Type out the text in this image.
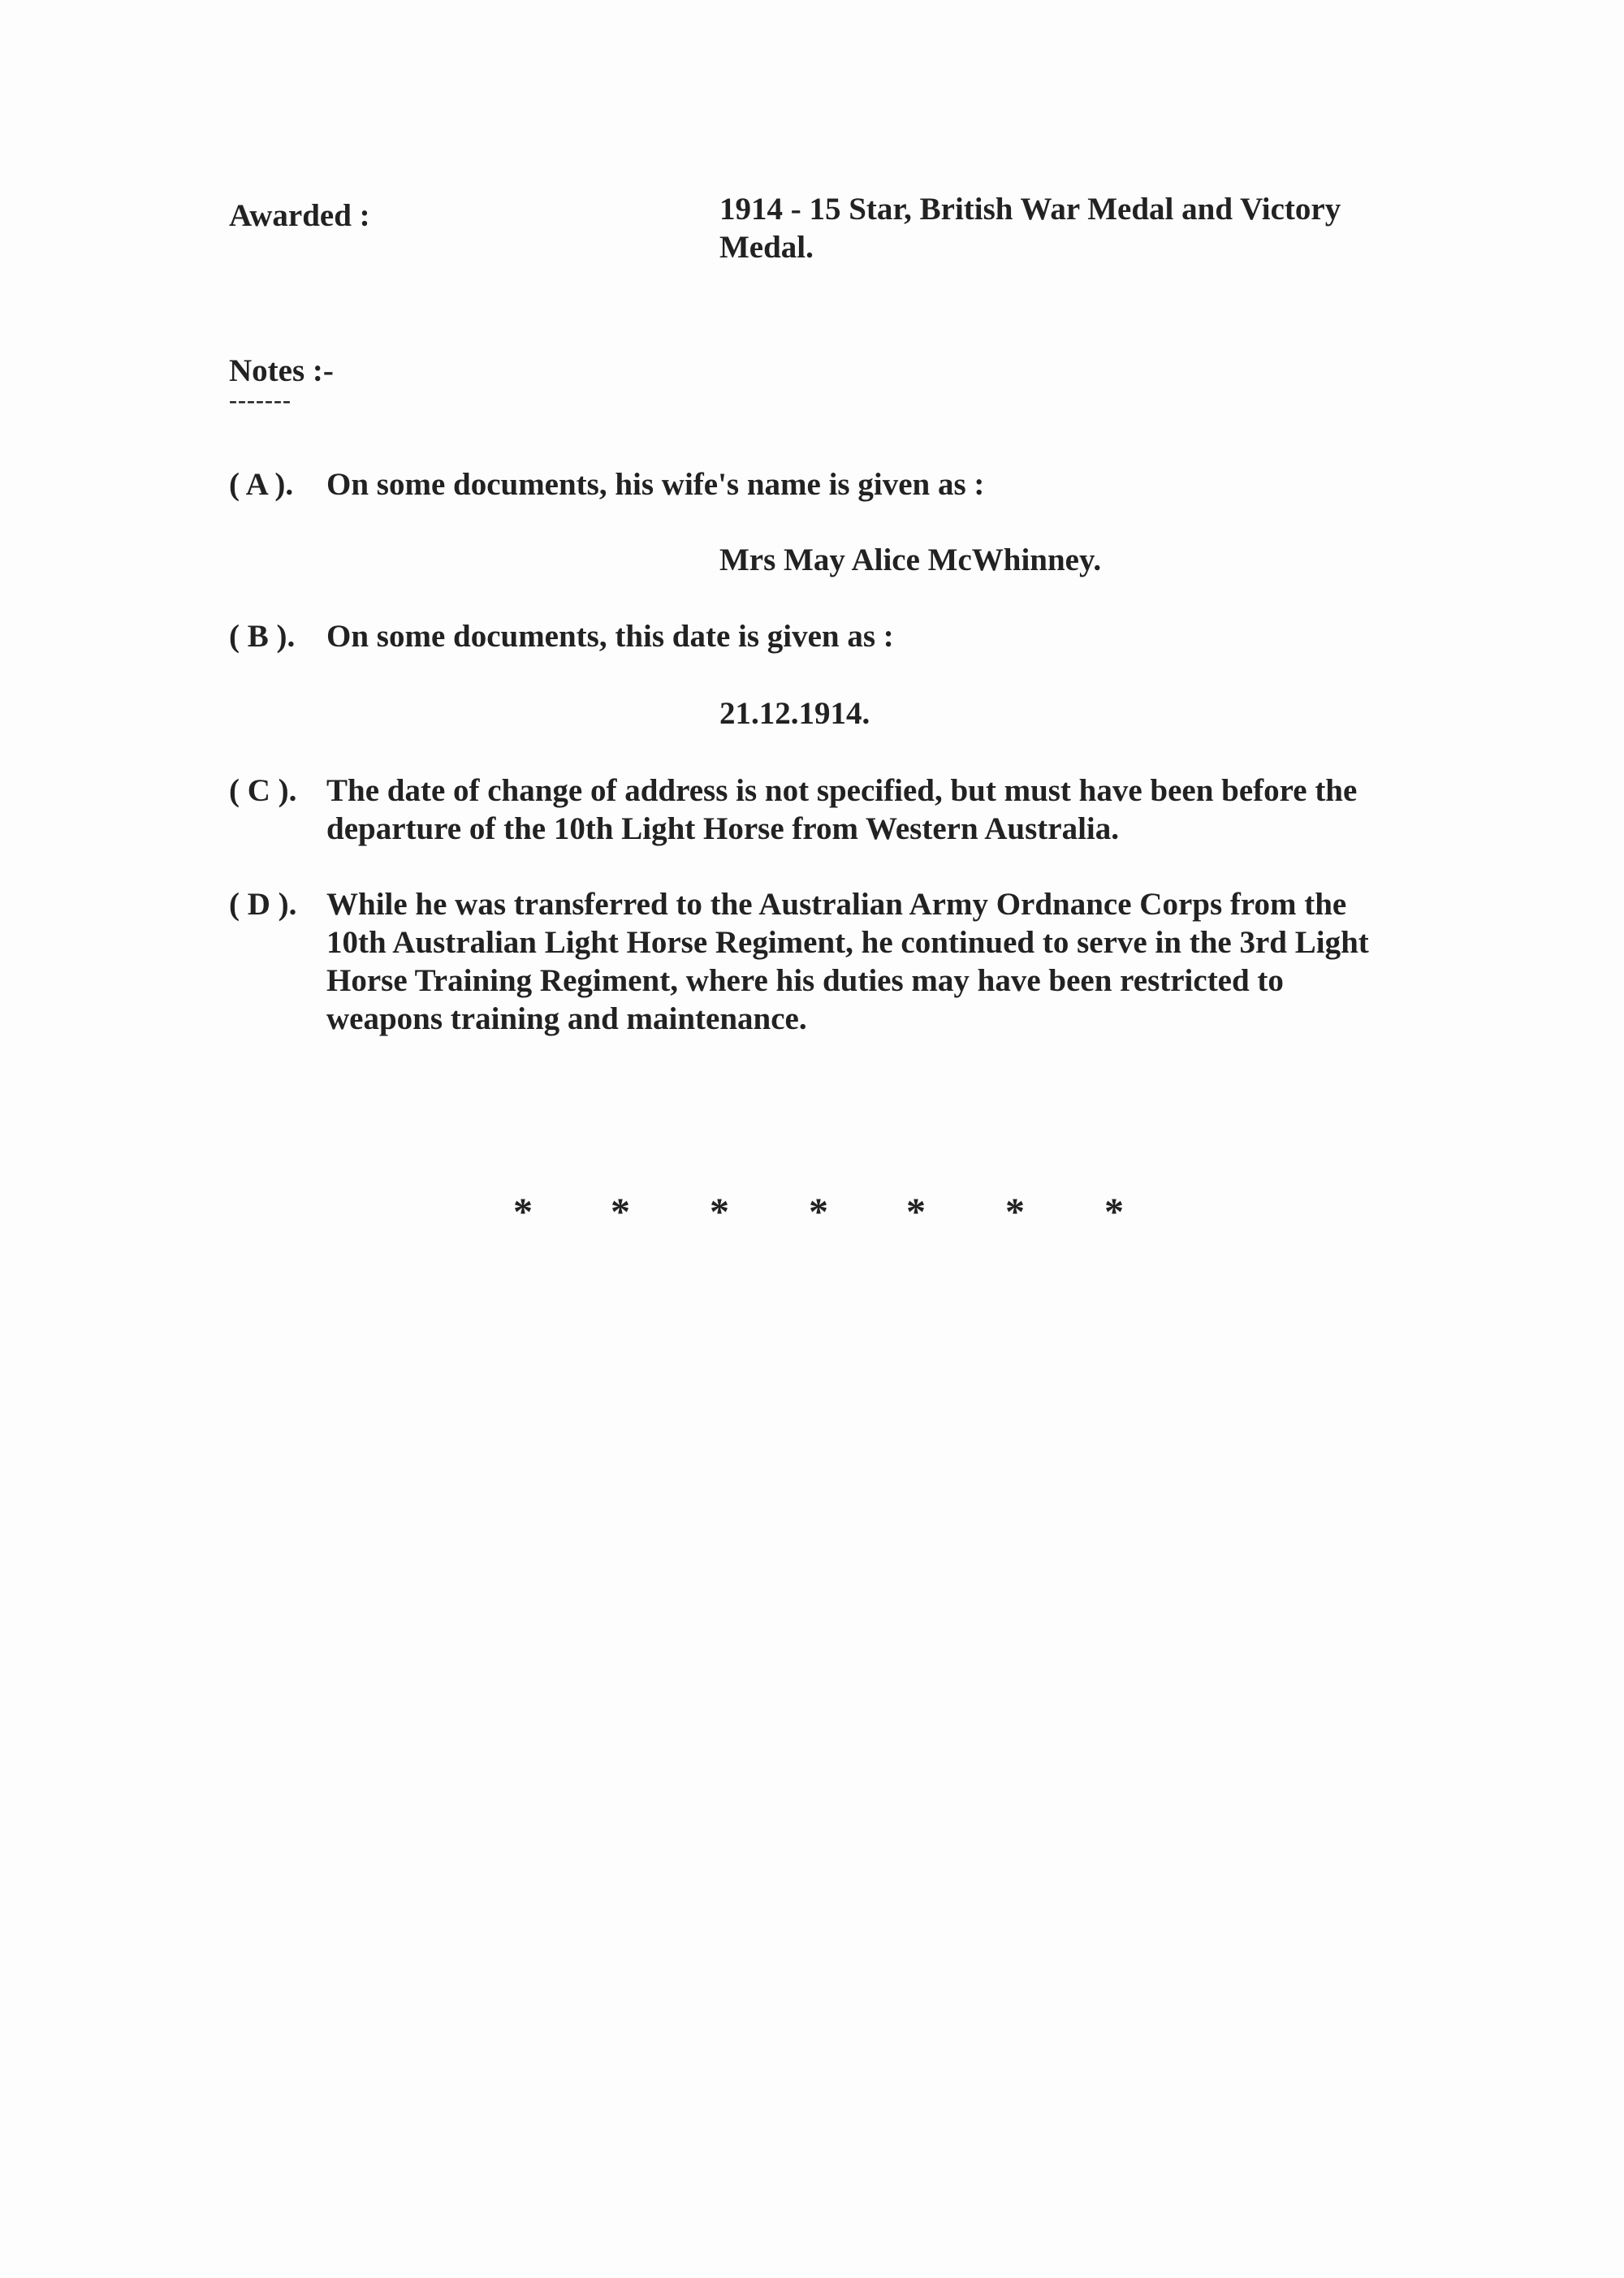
Awarded :	1914 - 15 Star, British War Medal and Victory Medal.
Notes :-
-------
( A ). On some documents, his wife's name is given as :
Mrs May Alice McWhinney.
( B ). On some documents, this date is given as :
21.12.1914.
( C ). The date of change of address is not specified, but must have been before the departure of the 10th Light Horse from Western Australia.
( D ). While he was transferred to the Australian Army Ordnance Corps from the 10th Australian Light Horse Regiment, he continued to serve in the 3rd Light Horse Training Regiment, where his duties may have been restricted to weapons training and maintenance.
* * * * * * *
